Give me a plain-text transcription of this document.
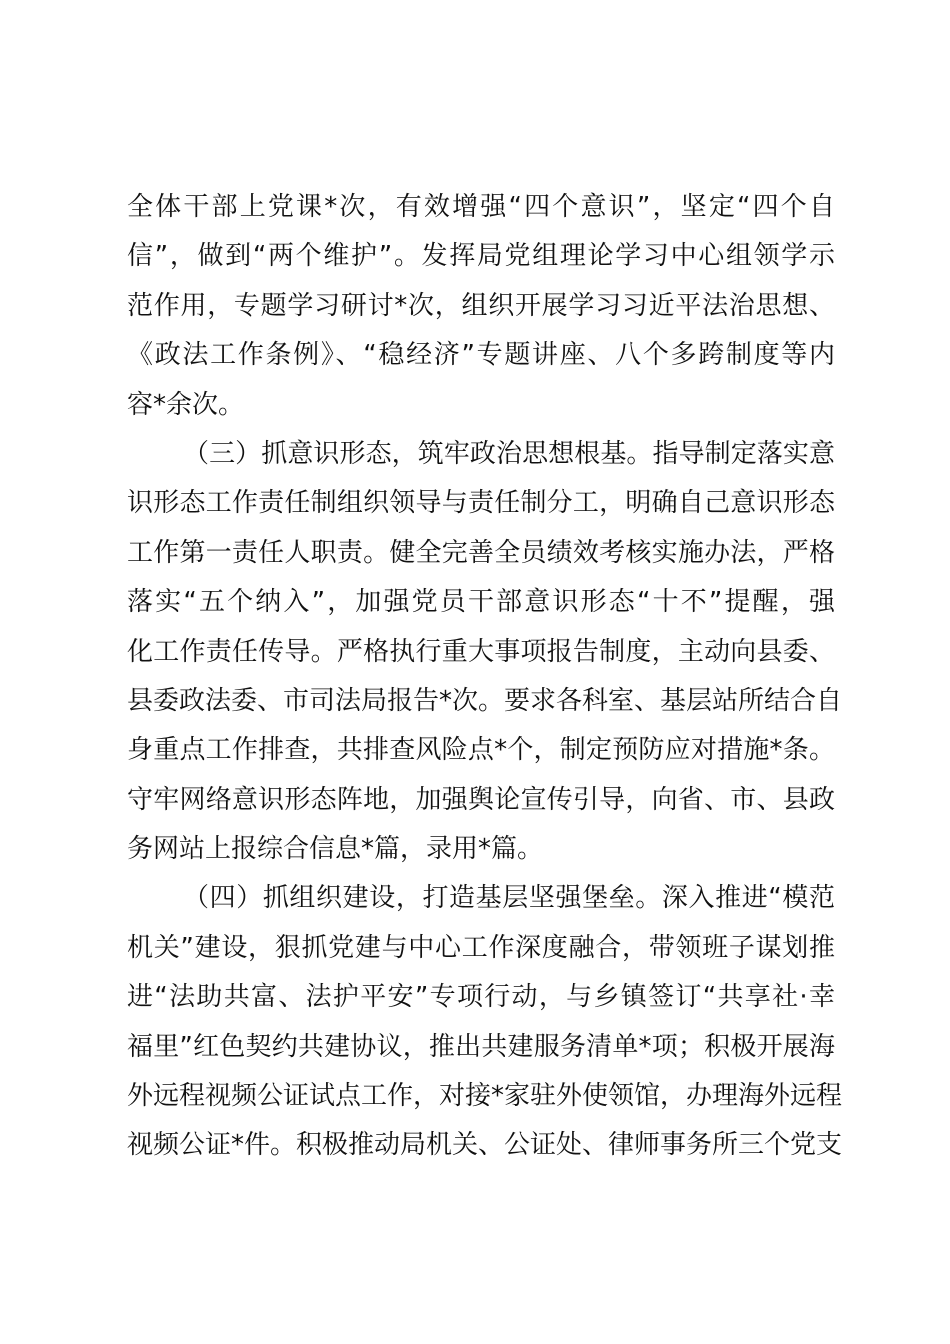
全体干部上党课*次，有效增强“四个意识”，坚定“四个自
信”，做到“两个维护”。发挥局党组理论学习中心组领学示
范作用，专题学习研讨*次，组织开展学习习近平法治思想、
《政法工作条例》、“稳经济”专题讲座、八个多跨制度等内
容*余次。
（三）抓意识形态，筑牢政治思想根基。指导制定落实意
识形态工作责任制组织领导与责任制分工，明确自己意识形态
工作第一责任人职责。健全完善全员绩效考核实施办法，严格
落实“五个纳入”，加强党员干部意识形态“十不”提醒，强
化工作责任传导。严格执行重大事项报告制度，主动向县委、
县委政法委、市司法局报告*次。要求各科室、基层站所结合自
身重点工作排查，共排查风险点*个，制定预防应对措施*条。
守牢网络意识形态阵地，加强舆论宣传引导，向省、市、县政
务网站上报综合信息*篇，录用*篇。
（四）抓组织建设，打造基层坚强堡垒。深入推进“模范
机关”建设，狠抓党建与中心工作深度融合，带领班子谋划推
进“法助共富、法护平安”专项行动，与乡镇签订“共享社·幸
福里”红色契约共建协议，推出共建服务清单*项；积极开展海
外远程视频公证试点工作，对接*家驻外使领馆，办理海外远程
视频公证*件。积极推动局机关、公证处、律师事务所三个党支
